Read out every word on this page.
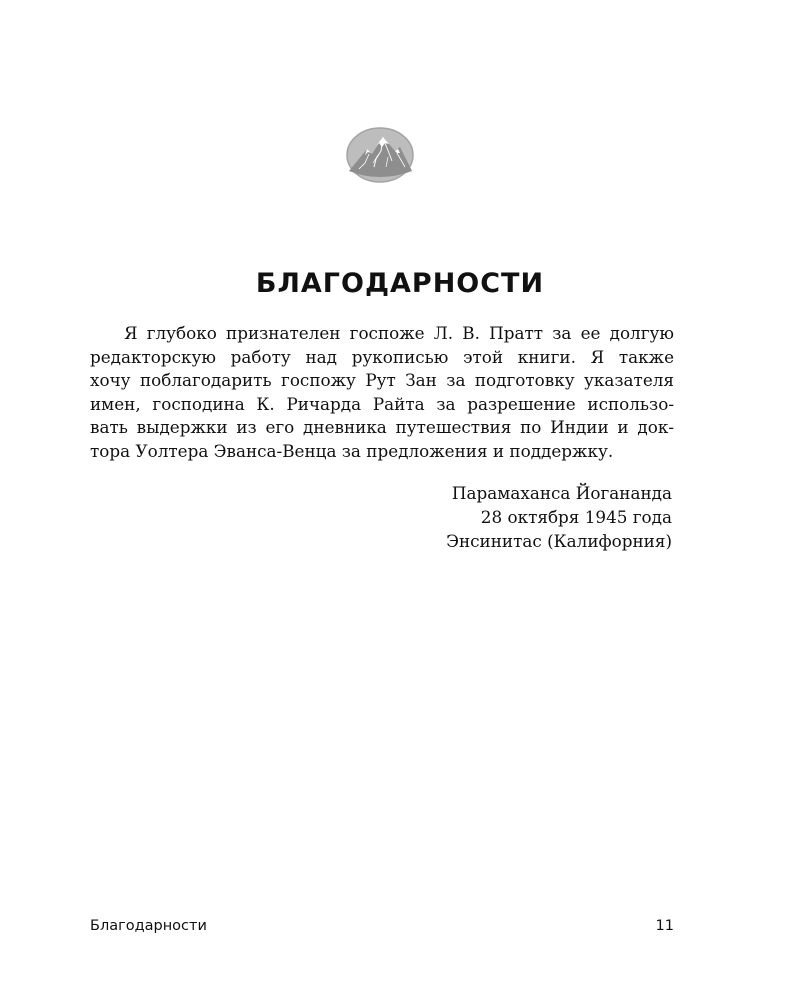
БЛАГОДАРНОСТИ
Я глубоко признателен госпоже Л. В. Пратт за ее долгую
редакторскую работу над рукописью этой книги. Я также
хочу поблагодарить госпожу Рут Зан за подготовку указателя
имен, господина К. Ричарда Райта за разрешение использо-
вать выдержки из его дневника путешествия по Индии и док-
тора Уолтера Эванса-Венца за предложения и поддержку.
Парамаханса Йогананда
28 октября 1945 года
Энсинитас (Калифорния)
Благодарности	11
